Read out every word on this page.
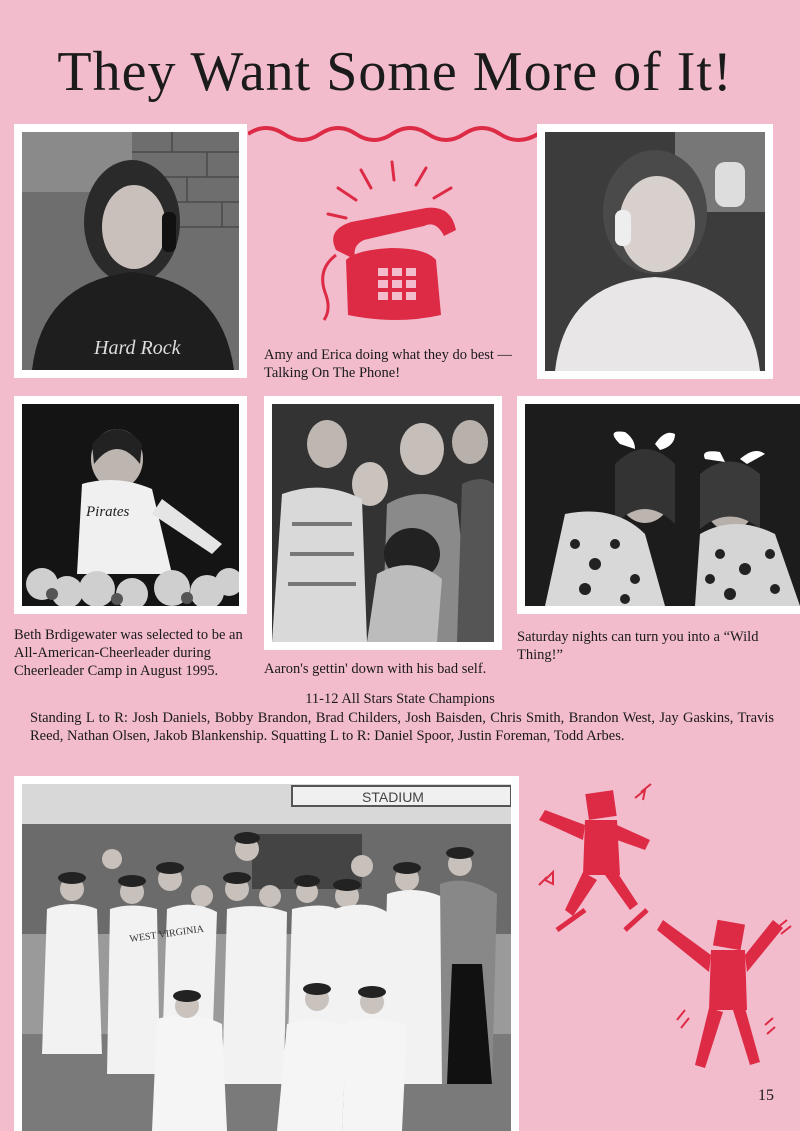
They Want Some More of It!
Hard Rock	Amy and Erica doing what they do best — Talking On The Phone!
Pirates
Beth Brdigewater was selected to be an All-American-Cheerleader during Cheerleader Camp in August 1995.	Aaron's gettin' down with his bad self.
Saturday nights can turn you into a “Wild Thing!”
11-12 All Stars State Champions
Standing L to R: Josh Daniels, Bobby Brandon, Brad Childers, Josh Baisden, Chris Smith, Brandon West, Jay Gaskins, Travis Reed, Nathan Olsen, Jakob Blankenship. Squatting L to R: Daniel Spoor, Justin Foreman, Todd Arbes.
STADIUM
WEST VIRGINIA
15
